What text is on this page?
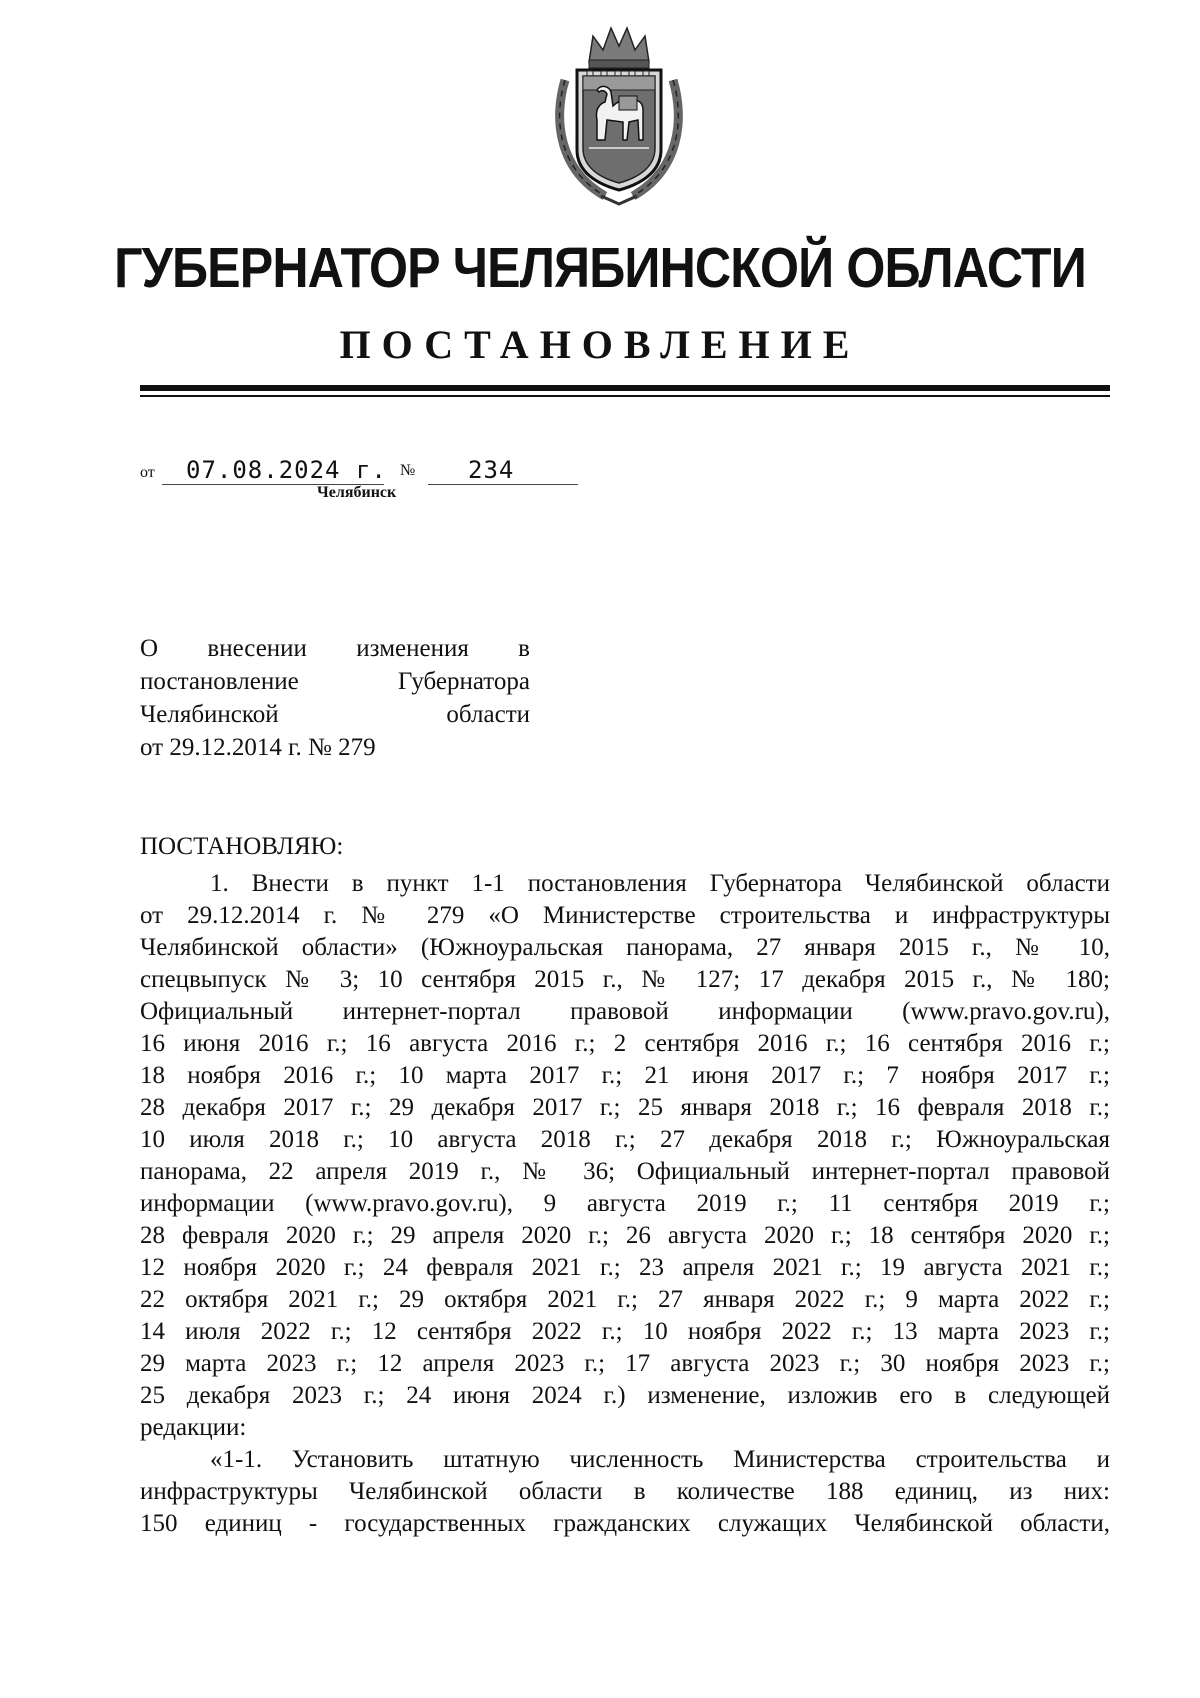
ГУБЕРНАТОР ЧЕЛЯБИНСКОЙ ОБЛАСТИ
ПОСТАНОВЛЕНИЕ
от 07.08.2024 г. № 234
Челябинск
О внесении изменения в
постановление Губернатора
Челябинской области
от 29.12.2014 г. № 279
ПОСТАНОВЛЯЮ:
1. Внести в пункт 1-1 постановления Губернатора Челябинской области
от 29.12.2014 г. № 279 «О Министерстве строительства и инфраструктуры
Челябинской области» (Южноуральская панорама, 27 января 2015 г., № 10,
спецвыпуск № 3; 10 сентября 2015 г., № 127; 17 декабря 2015 г., № 180;
Официальный интернет-портал правовой информации (www.pravo.gov.ru),
16 июня 2016 г.; 16 августа 2016 г.; 2 сентября 2016 г.; 16 сентября 2016 г.;
18 ноября 2016 г.; 10 марта 2017 г.; 21 июня 2017 г.; 7 ноября 2017 г.;
28 декабря 2017 г.; 29 декабря 2017 г.; 25 января 2018 г.; 16 февраля 2018 г.;
10 июля 2018 г.; 10 августа 2018 г.; 27 декабря 2018 г.; Южноуральская
панорама, 22 апреля 2019 г., № 36; Официальный интернет-портал правовой
информации (www.pravo.gov.ru), 9 августа 2019 г.; 11 сентября 2019 г.;
28 февраля 2020 г.; 29 апреля 2020 г.; 26 августа 2020 г.; 18 сентября 2020 г.;
12 ноября 2020 г.; 24 февраля 2021 г.; 23 апреля 2021 г.; 19 августа 2021 г.;
22 октября 2021 г.; 29 октября 2021 г.; 27 января 2022 г.; 9 марта 2022 г.;
14 июля 2022 г.; 12 сентября 2022 г.; 10 ноября 2022 г.; 13 марта 2023 г.;
29 марта 2023 г.; 12 апреля 2023 г.; 17 августа 2023 г.; 30 ноября 2023 г.;
25 декабря 2023 г.; 24 июня 2024 г.) изменение, изложив его в следующей
редакции:
«1-1. Установить штатную численность Министерства строительства и
инфраструктуры Челябинской области в количестве 188 единиц, из них:
150 единиц - государственных гражданских служащих Челябинской области,
